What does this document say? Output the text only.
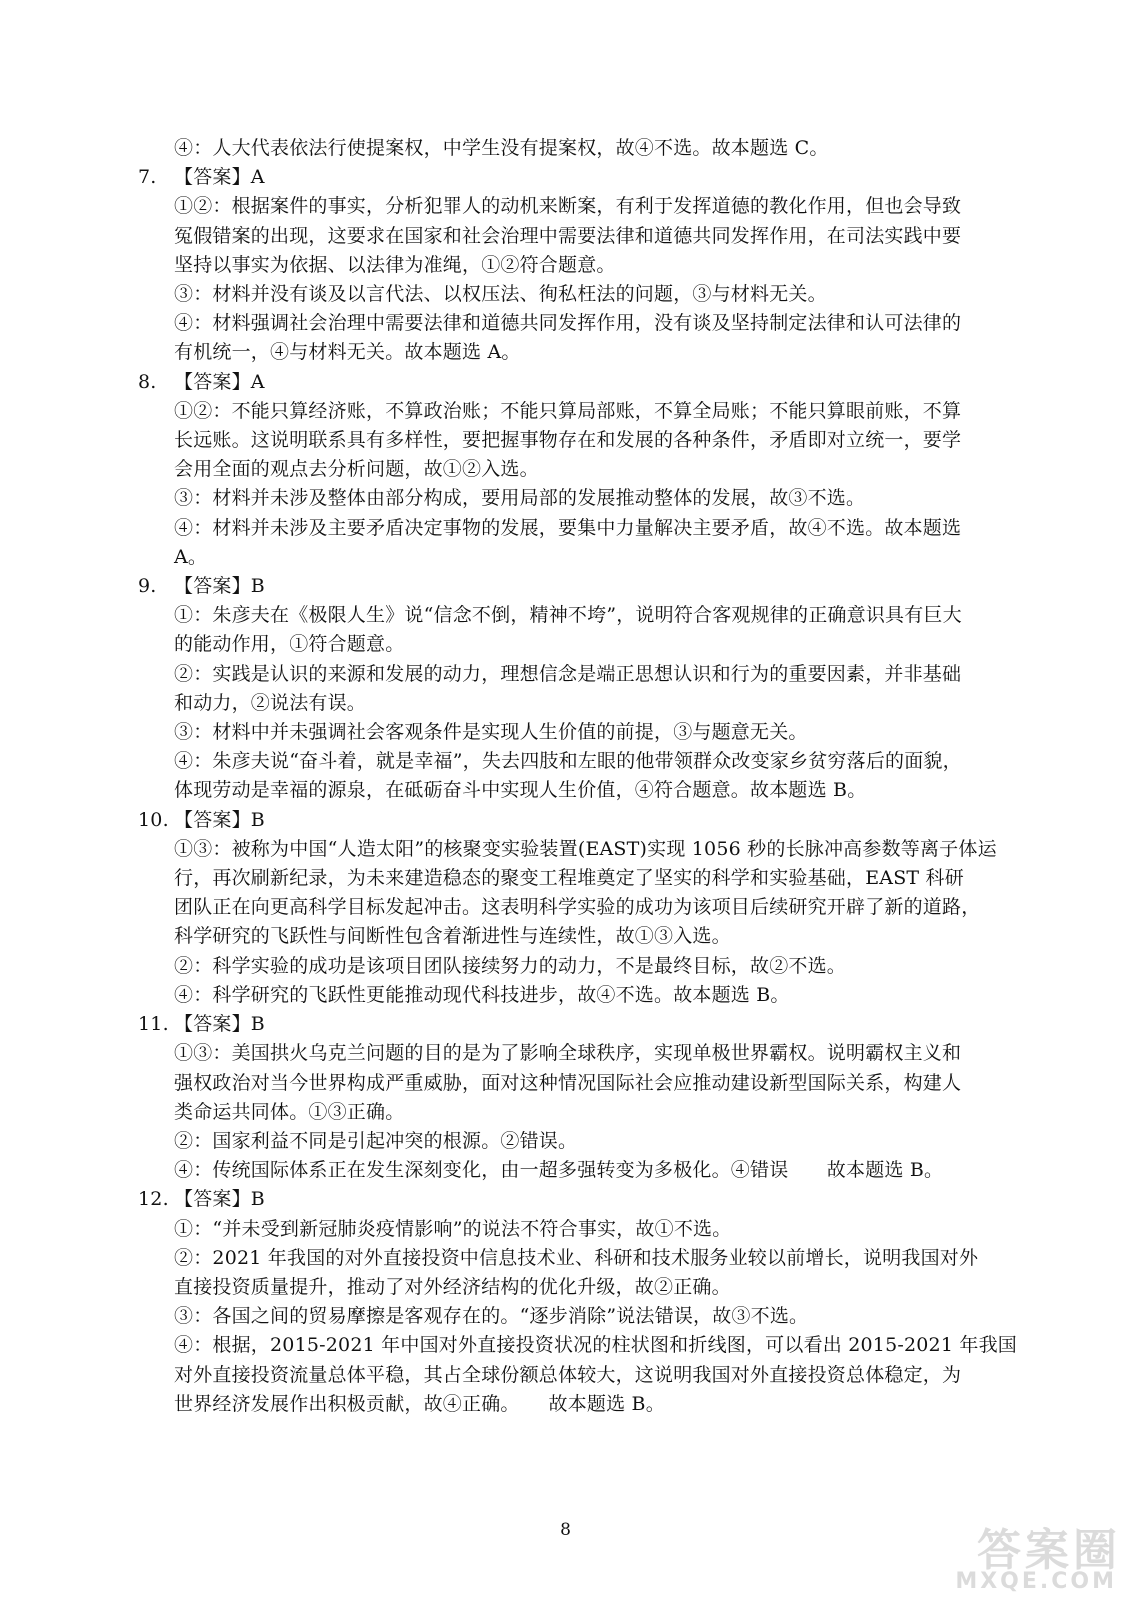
④：人大代表依法行使提案权，中学生没有提案权，故④不选。故本题选 C。
7. 【答案】A
①②：根据案件的事实，分析犯罪人的动机来断案，有利于发挥道德的教化作用，但也会导致
冤假错案的出现，这要求在国家和社会治理中需要法律和道德共同发挥作用，在司法实践中要
坚持以事实为依据、以法律为准绳，①②符合题意。
③：材料并没有谈及以言代法、以权压法、徇私枉法的问题，③与材料无关。
④：材料强调社会治理中需要法律和道德共同发挥作用，没有谈及坚持制定法律和认可法律的
有机统一，④与材料无关。故本题选 A。
8. 【答案】A
①②：不能只算经济账，不算政治账；不能只算局部账，不算全局账；不能只算眼前账，不算
长远账。这说明联系具有多样性，要把握事物存在和发展的各种条件，矛盾即对立统一，要学
会用全面的观点去分析问题，故①②入选。
③：材料并未涉及整体由部分构成，要用局部的发展推动整体的发展，故③不选。
④：材料并未涉及主要矛盾决定事物的发展，要集中力量解决主要矛盾，故④不选。故本题选
A。
9. 【答案】B
①：朱彦夫在《极限人生》说“信念不倒，精神不垮”，说明符合客观规律的正确意识具有巨大
的能动作用，①符合题意。
②：实践是认识的来源和发展的动力，理想信念是端正思想认识和行为的重要因素，并非基础
和动力，②说法有误。
③：材料中并未强调社会客观条件是实现人生价值的前提，③与题意无关。
④：朱彦夫说“奋斗着，就是幸福”，失去四肢和左眼的他带领群众改变家乡贫穷落后的面貌，
体现劳动是幸福的源泉，在砥砺奋斗中实现人生价值，④符合题意。故本题选 B。
10. 【答案】B
①③：被称为中国“人造太阳”的核聚变实验装置(EAST)实现 1056 秒的长脉冲高参数等离子体运
行，再次刷新纪录，为未来建造稳态的聚变工程堆奠定了坚实的科学和实验基础，EAST 科研
团队正在向更高科学目标发起冲击。这表明科学实验的成功为该项目后续研究开辟了新的道路，
科学研究的飞跃性与间断性包含着渐进性与连续性，故①③入选。
②：科学实验的成功是该项目团队接续努力的动力，不是最终目标，故②不选。
④：科学研究的飞跃性更能推动现代科技进步，故④不选。故本题选 B。
11. 【答案】B
①③：美国拱火乌克兰问题的目的是为了影响全球秩序，实现单极世界霸权。说明霸权主义和
强权政治对当今世界构成严重威胁，面对这种情况国际社会应推动建设新型国际关系，构建人
类命运共同体。①③正确。
②：国家利益不同是引起冲突的根源。②错误。
④：传统国际体系正在发生深刻变化，由一超多强转变为多极化。④错误　　故本题选 B。
12. 【答案】B
①：“并未受到新冠肺炎疫情影响”的说法不符合事实，故①不选。
②：2021 年我国的对外直接投资中信息技术业、科研和技术服务业较以前增长，说明我国对外
直接投资质量提升，推动了对外经济结构的优化升级，故②正确。
③：各国之间的贸易摩擦是客观存在的。“逐步消除”说法错误，故③不选。
④：根据，2015-2021 年中国对外直接投资状况的柱状图和折线图，可以看出 2015-2021 年我国
对外直接投资流量总体平稳，其占全球份额总体较大，这说明我国对外直接投资总体稳定，为
世界经济发展作出积极贡献，故④正确。　　故本题选 B。
8	答案圈
MXQE.COM
